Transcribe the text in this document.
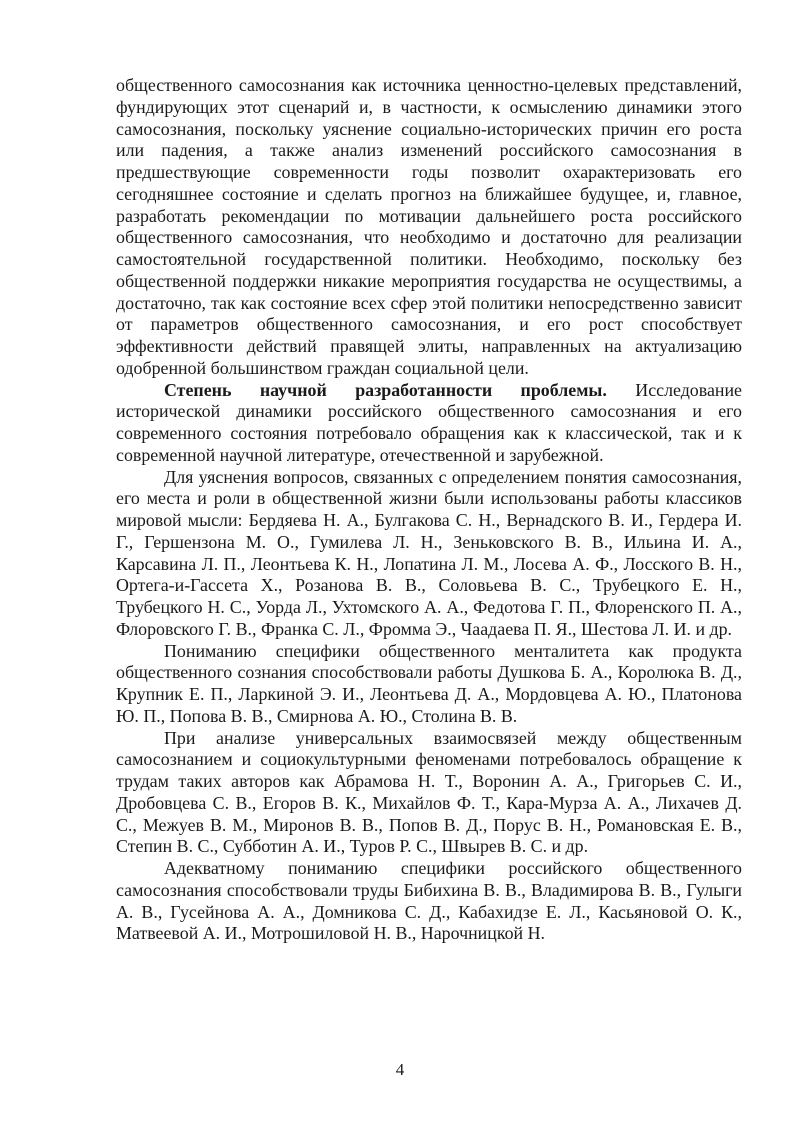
общественного самосознания как источника ценностно-целевых представлений, фундирующих этот сценарий и, в частности, к осмыслению динамики этого самосознания, поскольку уяснение социально-исторических причин его роста или падения, а также анализ изменений российского самосознания в предшествующие современности годы позволит охарактеризовать его сегодняшнее состояние и сделать прогноз на ближайшее будущее, и, главное, разработать рекомендации по мотивации дальнейшего роста российского общественного самосознания, что необходимо и достаточно для реализации самостоятельной государственной политики. Необходимо, поскольку без общественной поддержки никакие мероприятия государства не осуществимы, а достаточно, так как состояние всех сфер этой политики непосредственно зависит от параметров общественного самосознания, и его рост способствует эффективности действий правящей элиты, направленных на актуализацию одобренной большинством граждан социальной цели.

Степень научной разработанности проблемы. Исследование исторической динамики российского общественного самосознания и его современного состояния потребовало обращения как к классической, так и к современной научной литературе, отечественной и зарубежной.

Для уяснения вопросов, связанных с определением понятия самосознания, его места и роли в общественной жизни были использованы работы классиков мировой мысли: Бердяева Н. А., Булгакова С. Н., Вернадского В. И., Гердера И. Г., Гершензона М. О., Гумилева Л. Н., Зеньковского В. В., Ильина И. А., Карсавина Л. П., Леонтьева К. Н., Лопатина Л. М., Лосева А. Ф., Лосского В. Н., Ортега-и-Гассета Х., Розанова В. В., Соловьева В. С., Трубецкого Е. Н., Трубецкого Н. С., Уорда Л., Ухтомского А. А., Федотова Г. П., Флоренского П. А., Флоровского Г. В., Франка С. Л., Фромма Э., Чаадаева П. Я., Шестова Л. И. и др.

Пониманию специфики общественного менталитета как продукта общественного сознания способствовали работы Душкова Б. А., Королюка В. Д., Крупник Е. П., Ларкиной Э. И., Леонтьева Д. А., Мордовцева А. Ю., Платонова Ю. П., Попова В. В., Смирнова А. Ю., Столина В. В.

При анализе универсальных взаимосвязей между общественным самосознанием и социокультурными феноменами потребовалось обращение к трудам таких авторов как Абрамова Н. Т., Воронин А. А., Григорьев С. И., Дробовцева С. В., Егоров В. К., Михайлов Ф. Т., Кара-Мурза А. А., Лихачев Д. С., Межуев В. М., Миронов В. В., Попов В. Д., Порус В. Н., Романовская Е. В., Степин В. С., Субботин А. И., Туров Р. С., Швырев В. С. и др.

Адекватному пониманию специфики российского общественного самосознания способствовали труды Бибихина В. В., Владимирова В. В., Гулыги А. В., Гусейнова А. А., Домникова С. Д., Кабахидзе Е. Л., Касьяновой О. К., Матвеевой А. И., Мотрошиловой Н. В., Нарочницкой Н.

4
